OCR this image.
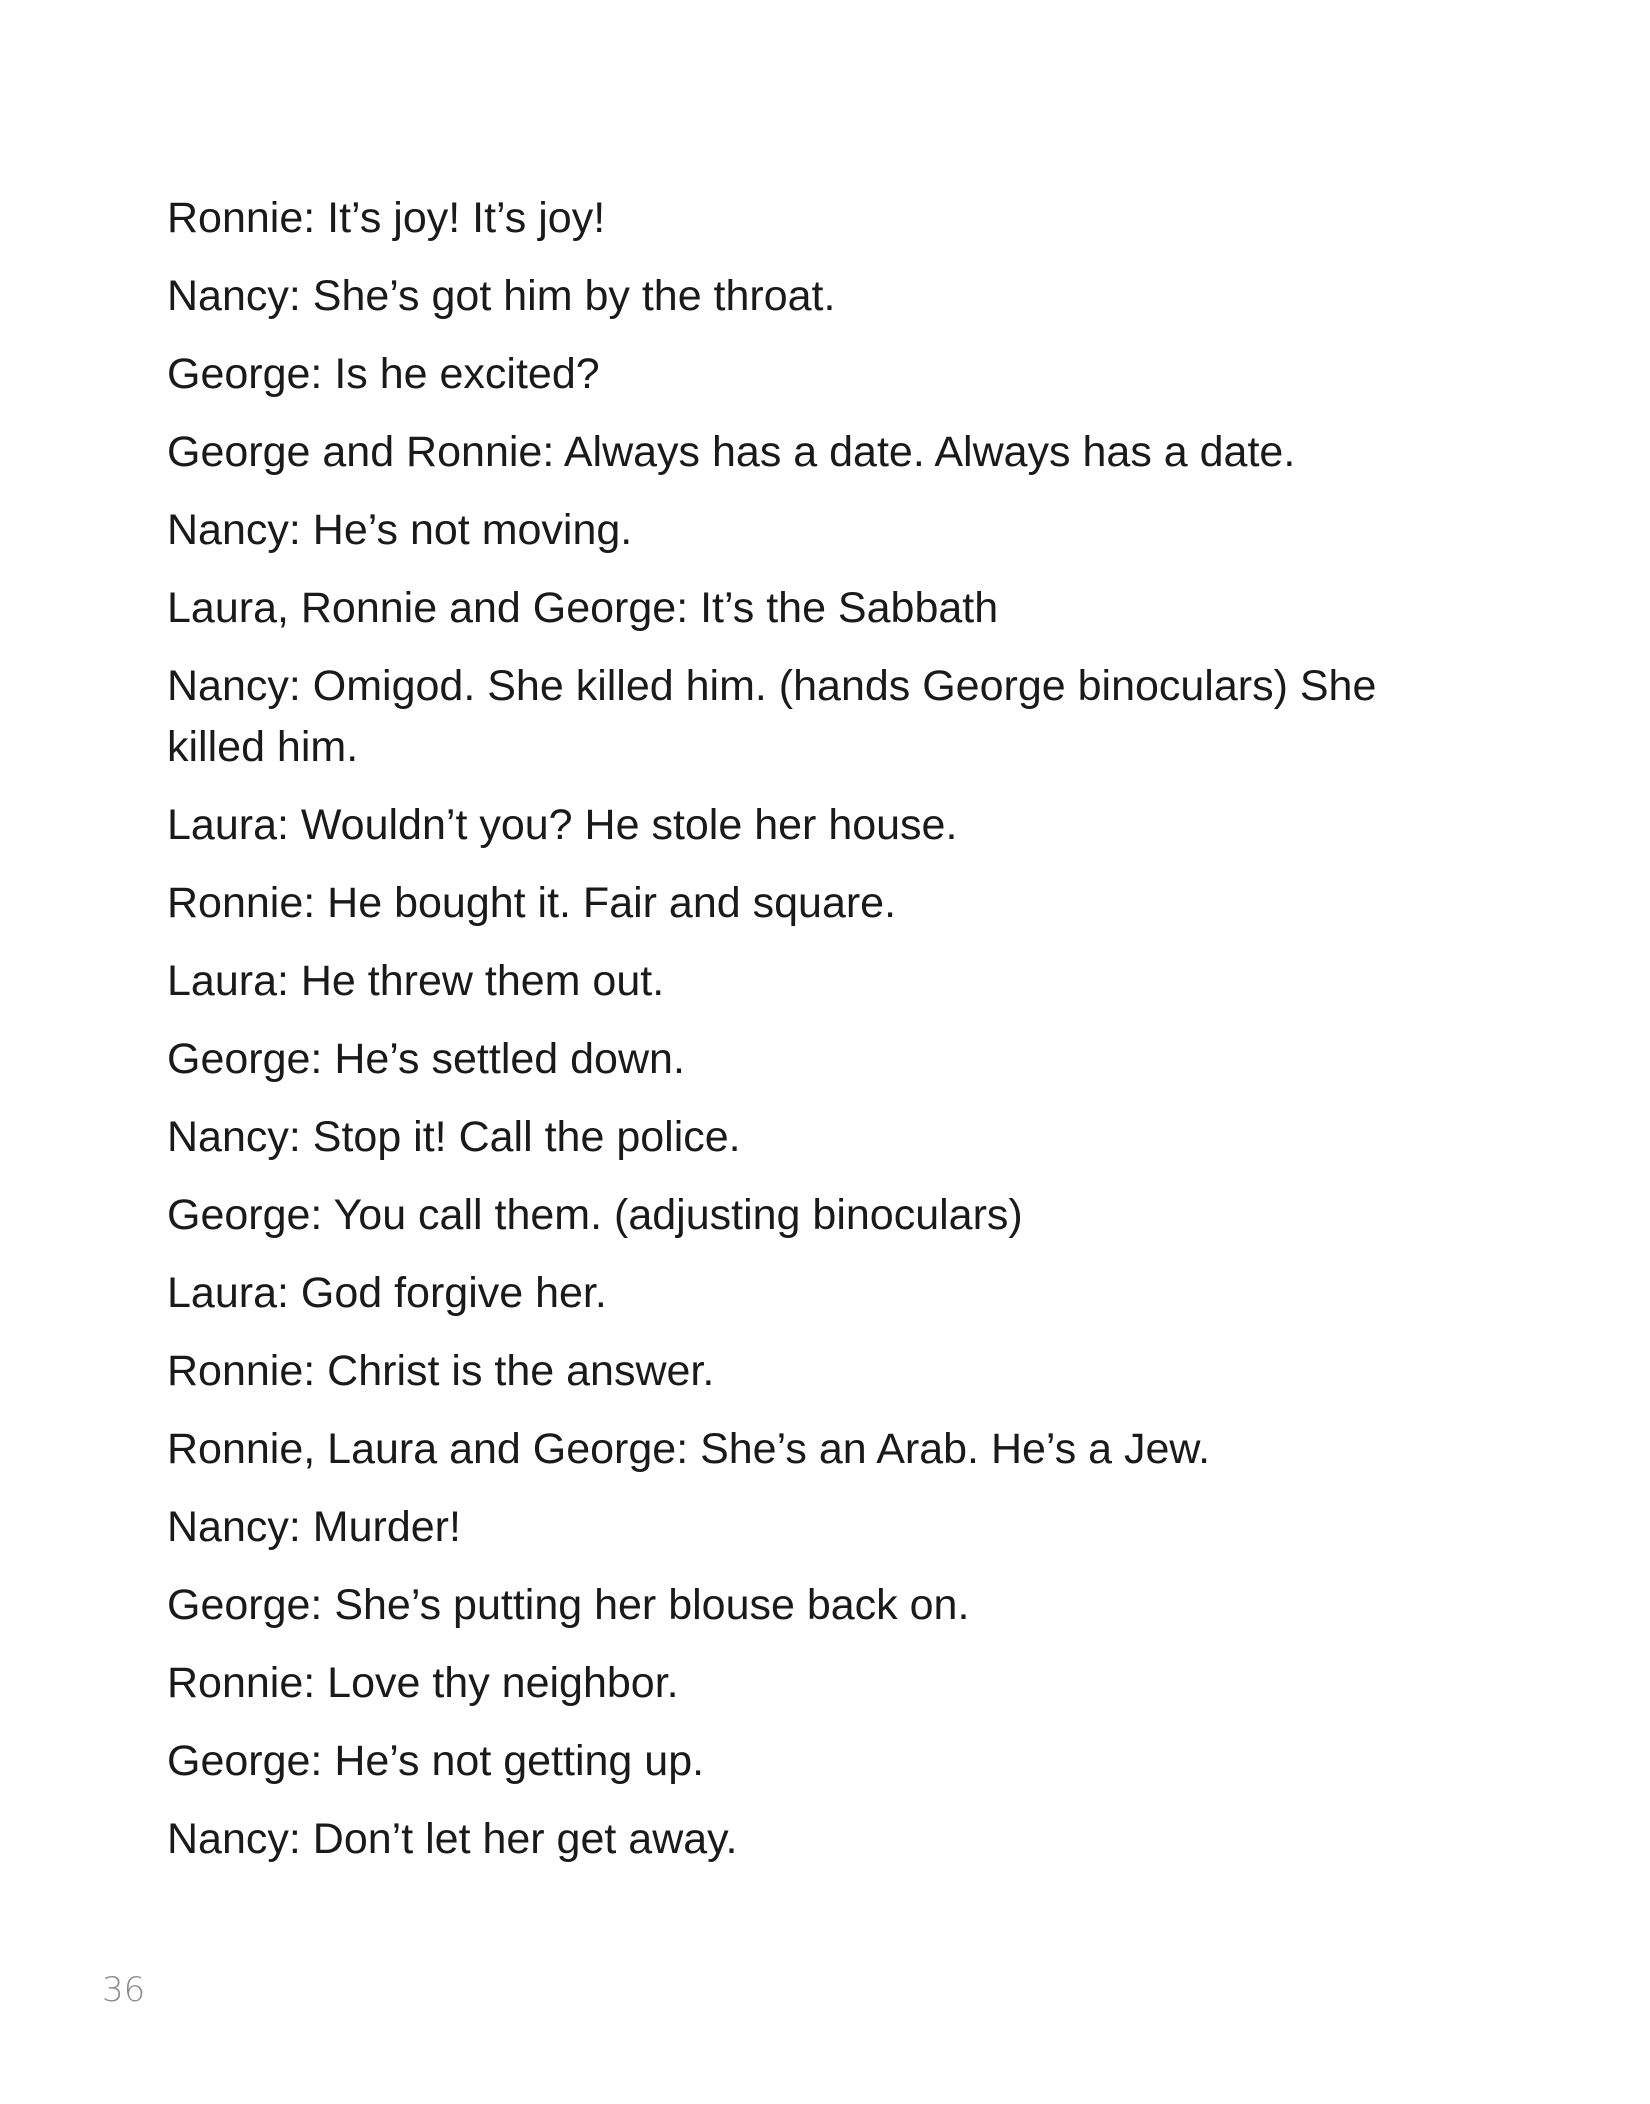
Ronnie: It’s joy! It’s joy!

Nancy: She’s got him by the throat.

George: Is he excited?

George and Ronnie: Always has a date. Always has a date.

Nancy: He’s not moving.

Laura, Ronnie and George: It’s the Sabbath

Nancy: Omigod. She killed him. (hands George binoculars) She killed him.

Laura: Wouldn’t you? He stole her house.

Ronnie: He bought it. Fair and square.

Laura: He threw them out.

George: He’s settled down.

Nancy: Stop it! Call the police.

George: You call them. (adjusting binoculars)

Laura: God forgive her.

Ronnie: Christ is the answer.

Ronnie, Laura and George: She’s an Arab. He’s a Jew.

Nancy: Murder!

George: She’s putting her blouse back on.

Ronnie: Love thy neighbor.

George: He’s not getting up.

Nancy: Don’t let her get away.

36
